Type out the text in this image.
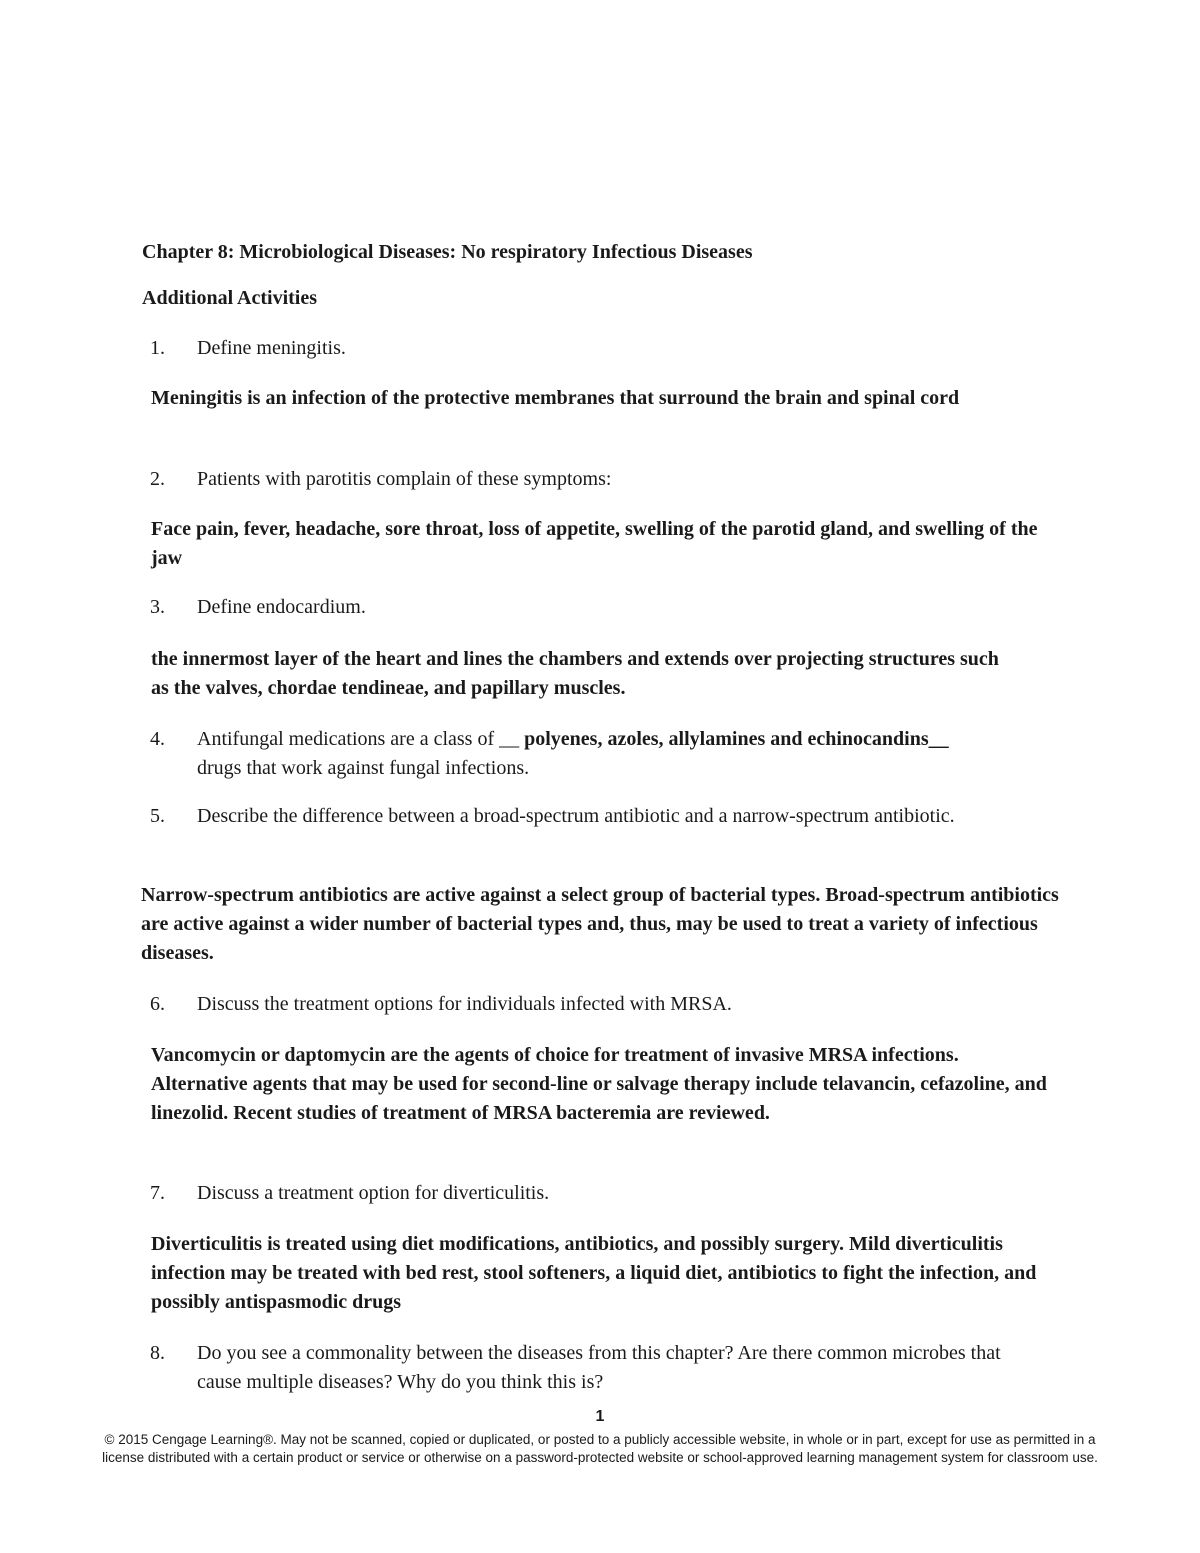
Chapter 8: Microbiological Diseases: No respiratory Infectious Diseases
Additional Activities
1. Define meningitis.

Meningitis is an infection of the protective membranes that surround the brain and spinal cord

2. Patients with parotitis complain of these symptoms:

Face pain, fever, headache, sore throat, loss of appetite, swelling of the parotid gland, and swelling of the jaw

3. Define endocardium.

the innermost layer of the heart and lines the chambers and extends over projecting structures such as the valves, chordae tendineae, and papillary muscles.

4. Antifungal medications are a class of __ polyenes, azoles, allylamines and echinocandins__ drugs that work against fungal infections.
5. Describe the difference between a broad-spectrum antibiotic and a narrow-spectrum antibiotic.

Narrow-spectrum antibiotics are active against a select group of bacterial types. Broad-spectrum antibiotics are active against a wider number of bacterial types and, thus, may be used to treat a variety of infectious diseases.

6. Discuss the treatment options for individuals infected with MRSA.

Vancomycin or daptomycin are the agents of choice for treatment of invasive MRSA infections. Alternative agents that may be used for second-line or salvage therapy include telavancin, cefazoline, and linezolid. Recent studies of treatment of MRSA bacteremia are reviewed.

7. Discuss a treatment option for diverticulitis.

Diverticulitis is treated using diet modifications, antibiotics, and possibly surgery. Mild diverticulitis infection may be treated with bed rest, stool softeners, a liquid diet, antibiotics to fight the infection, and possibly antispasmodic drugs

8. Do you see a commonality between the diseases from this chapter? Are there common microbes that cause multiple diseases? Why do you think this is?
1
© 2015 Cengage Learning®. May not be scanned, copied or duplicated, or posted to a publicly accessible website, in whole or in part, except for use as permitted in a license distributed with a certain product or service or otherwise on a password-protected website or school-approved learning management system for classroom use.
